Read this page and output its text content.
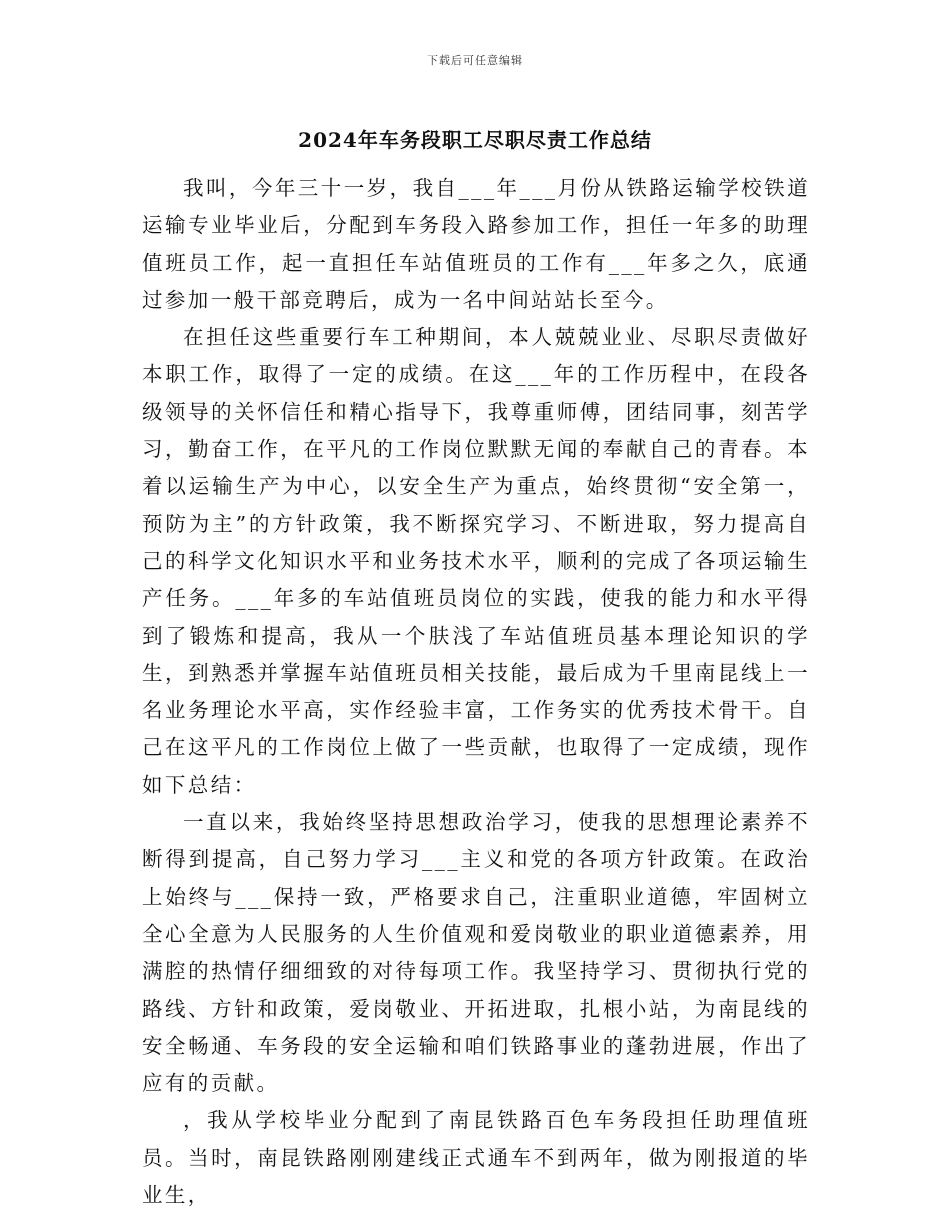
下载后可任意编辑
2024年车务段职工尽职尽责工作总结

我叫，今年三十一岁，我自___年___月份从铁路运输学校铁道运输专业毕业后，分配到车务段入路参加工作，担任一年多的助理值班员工作，起一直担任车站值班员的工作有___年多之久，底通过参加一般干部竞聘后，成为一名中间站站长至今。

在担任这些重要行车工种期间，本人兢兢业业、尽职尽责做好本职工作，取得了一定的成绩。在这___年的工作历程中，在段各级领导的关怀信任和精心指导下，我尊重师傅，团结同事，刻苦学习，勤奋工作，在平凡的工作岗位默默无闻的奉献自己的青春。本着以运输生产为中心，以安全生产为重点，始终贯彻“安全第一，预防为主”的方针政策，我不断探究学习、不断进取，努力提高自己的科学文化知识水平和业务技术水平，顺利的完成了各项运输生产任务。___年多的车站值班员岗位的实践，使我的能力和水平得到了锻炼和提高，我从一个肤浅了车站值班员基本理论知识的学生，到熟悉并掌握车站值班员相关技能，最后成为千里南昆线上一名业务理论水平高，实作经验丰富，工作务实的优秀技术骨干。自己在这平凡的工作岗位上做了一些贡献，也取得了一定成绩，现作如下总结：

一直以来，我始终坚持思想政治学习，使我的思想理论素养不断得到提高，自己努力学习___主义和党的各项方针政策。在政治上始终与___保持一致，严格要求自己，注重职业道德，牢固树立全心全意为人民服务的人生价值观和爱岗敬业的职业道德素养，用满腔的热情仔细细致的对待每项工作。我坚持学习、贯彻执行党的路线、方针和政策，爱岗敬业、开拓进取，扎根小站，为南昆线的安全畅通、车务段的安全运输和咱们铁路事业的蓬勃进展，作出了应有的贡献。

，我从学校毕业分配到了南昆铁路百色车务段担任助理值班员。当时，南昆铁路刚刚建线正式通车不到两年，做为刚报道的毕业生，
